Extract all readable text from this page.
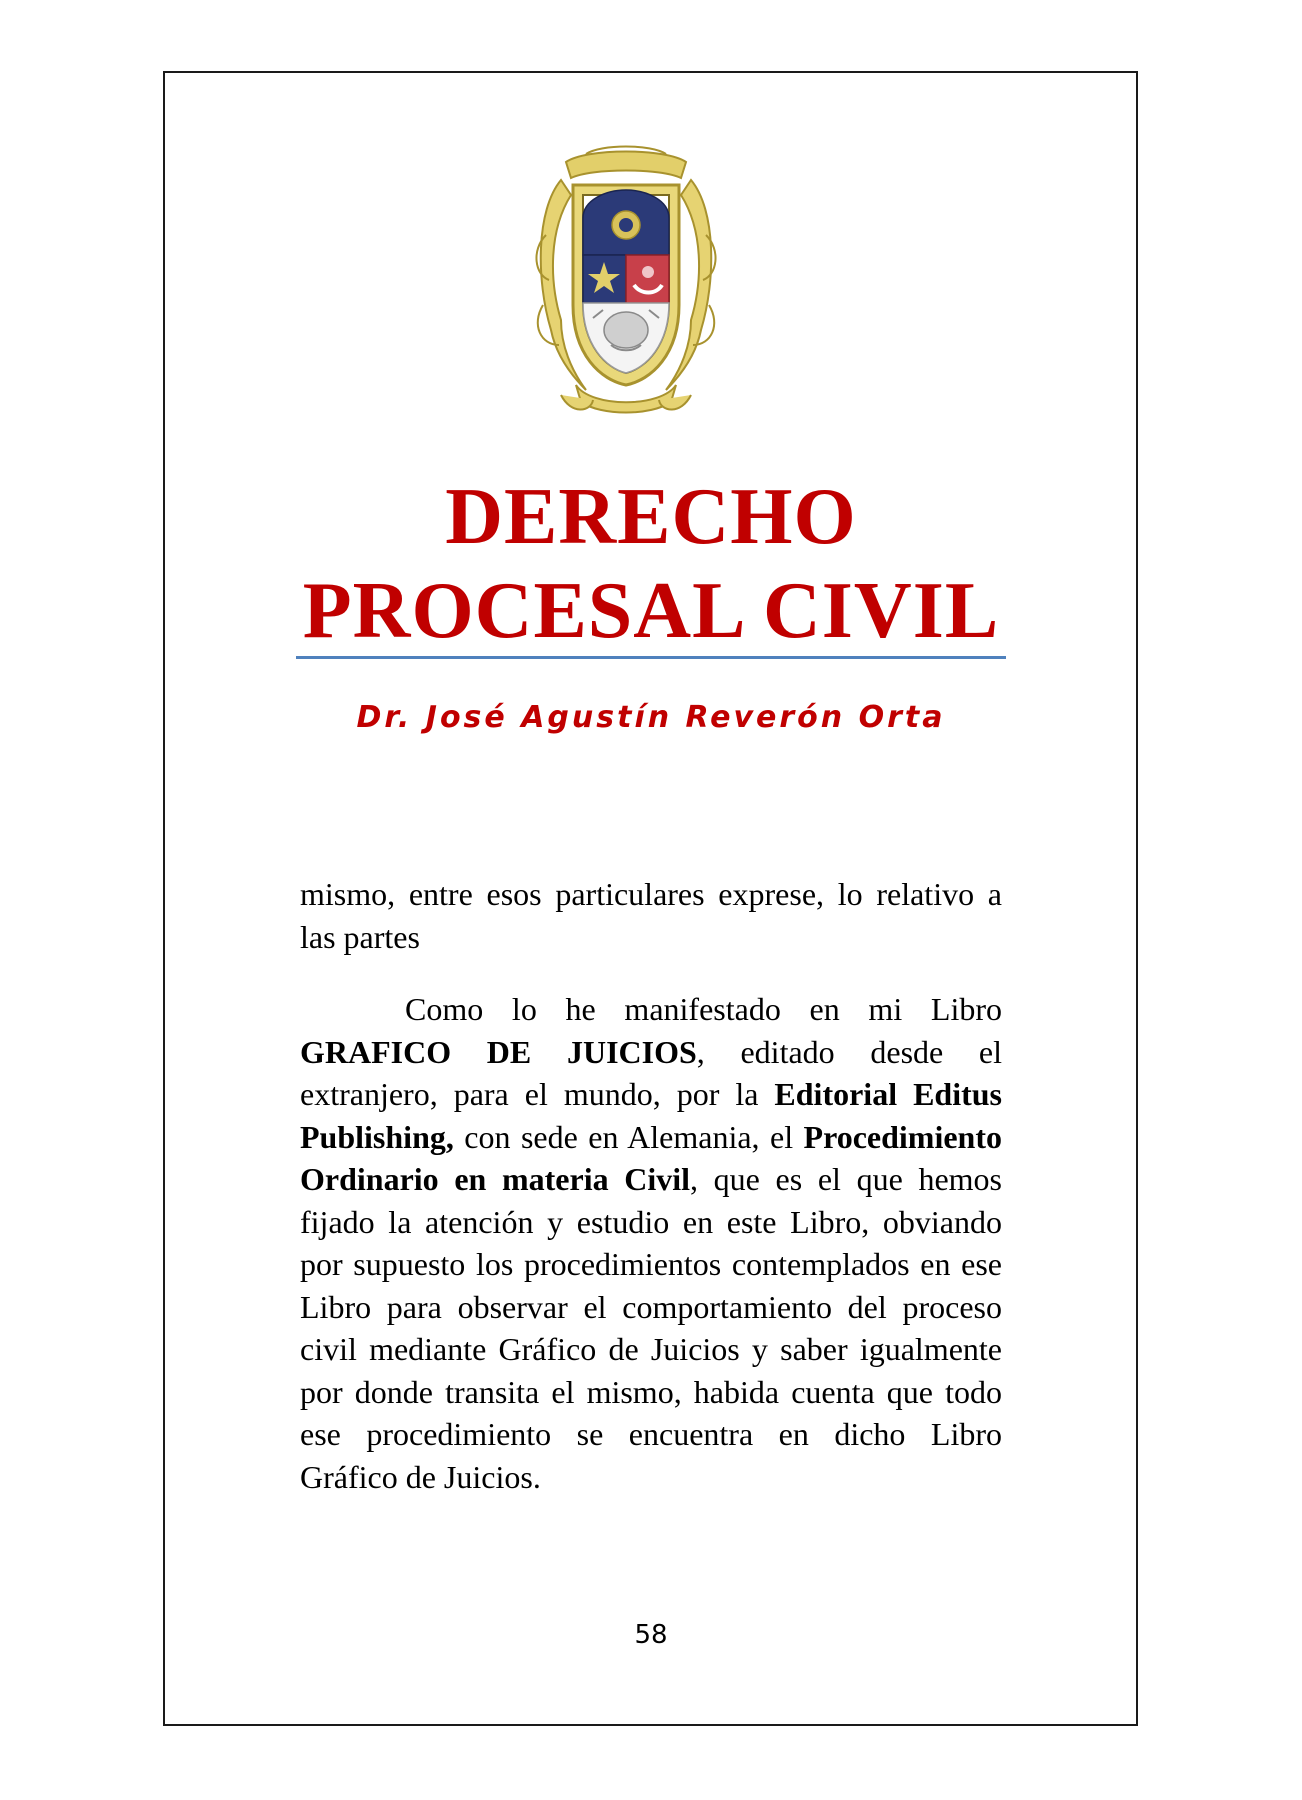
DERECHO
PROCESAL CIVIL
Dr. José Agustín Reverón Orta

mismo, entre esos particulares exprese, lo relativo a las partes

Como lo he manifestado en mi Libro GRAFICO DE JUICIOS, editado desde el extranjero, para el mundo, por la Editorial Editus Publishing, con sede en Alemania, el Procedimiento Ordinario en materia Civil, que es el que hemos fijado la atención y estudio en este Libro, obviando por supuesto los procedimientos contemplados en ese Libro para observar el comportamiento del proceso civil mediante Gráfico de Juicios y saber igualmente por donde transita el mismo, habida cuenta que todo ese procedimiento se encuentra en dicho Libro Gráfico de Juicios.

58
